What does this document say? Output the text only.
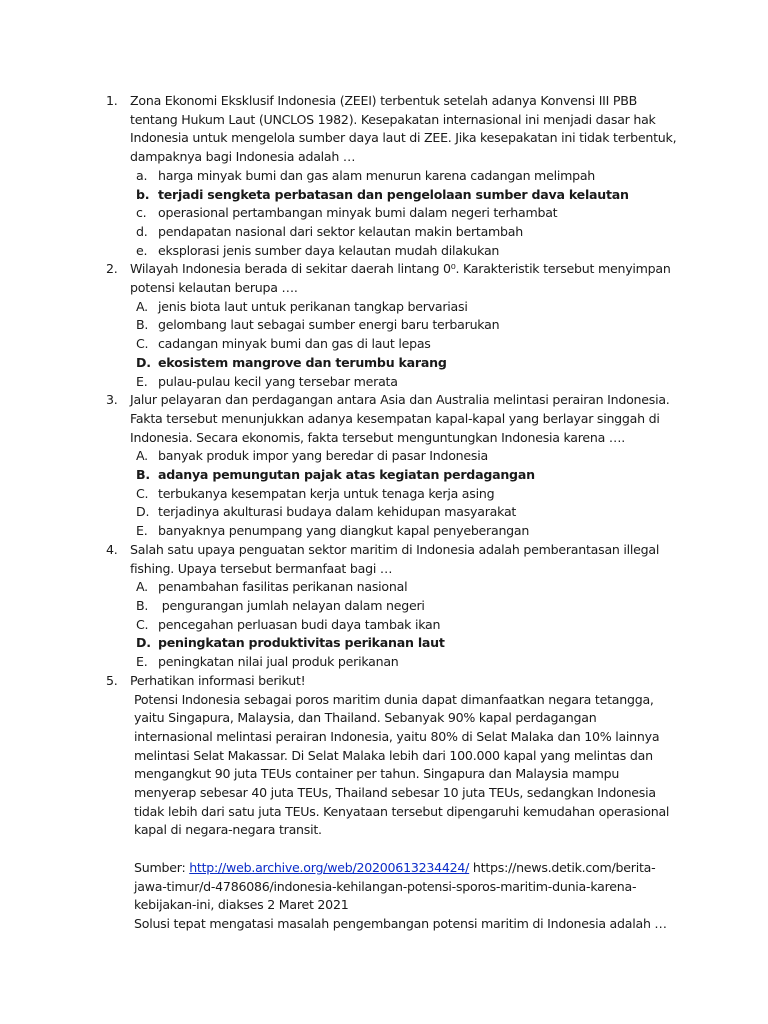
1. Zona Ekonomi Eksklusif Indonesia (ZEEI) terbentuk setelah adanya Konvensi III PBB tentang Hukum Laut (UNCLOS 1982). Kesepakatan internasional ini menjadi dasar hak Indonesia untuk mengelola sumber daya laut di ZEE. Jika kesepakatan ini tidak terbentuk, dampaknya bagi Indonesia adalah …
a. harga minyak bumi dan gas alam menurun karena cadangan melimpah
b. terjadi sengketa perbatasan dan pengelolaan sumber dava kelautan
c. operasional pertambangan minyak bumi dalam negeri terhambat
d. pendapatan nasional dari sektor kelautan makin bertambah
e. eksplorasi jenis sumber daya kelautan mudah dilakukan
2. Wilayah Indonesia berada di sekitar daerah lintang 0⁰. Karakteristik tersebut menyimpan potensi kelautan berupa ….
A. jenis biota laut untuk perikanan tangkap bervariasi
B. gelombang laut sebagai sumber energi baru terbarukan
C. cadangan minyak bumi dan gas di laut lepas
D. ekosistem mangrove dan terumbu karang
E. pulau-pulau kecil yang tersebar merata
3. Jalur pelayaran dan perdagangan antara Asia dan Australia melintasi perairan Indonesia. Fakta tersebut menunjukkan adanya kesempatan kapal-kapal yang berlayar singgah di Indonesia. Secara ekonomis, fakta tersebut menguntungkan Indonesia karena ….
A. banyak produk impor yang beredar di pasar Indonesia
B. adanya pemungutan pajak atas kegiatan perdagangan
C. terbukanya kesempatan kerja untuk tenaga kerja asing
D. terjadinya akulturasi budaya dalam kehidupan masyarakat
E. banyaknya penumpang yang diangkut kapal penyeberangan
4. Salah satu upaya penguatan sektor maritim di Indonesia adalah pemberantasan illegal fishing. Upaya tersebut bermanfaat bagi …
A. penambahan fasilitas perikanan nasional
B. pengurangan jumlah nelayan dalam negeri
C. pencegahan perluasan budi daya tambak ikan
D. peningkatan produktivitas perikanan laut
E. peningkatan nilai jual produk perikanan
5. Perhatikan informasi berikut!

Potensi Indonesia sebagai poros maritim dunia dapat dimanfaatkan negara tetangga, yaitu Singapura, Malaysia, dan Thailand. Sebanyak 90% kapal perdagangan internasional melintasi perairan Indonesia, yaitu 80% di Selat Malaka dan 10% lainnya melintasi Selat Makassar. Di Selat Malaka lebih dari 100.000 kapal yang melintas dan mengangkut 90 juta TEUs container per tahun. Singapura dan Malaysia mampu menyerap sebesar 40 juta TEUs, Thailand sebesar 10 juta TEUs, sedangkan Indonesia tidak lebih dari satu juta TEUs. Kenyataan tersebut dipengaruhi kemudahan operasional kapal di negara-negara transit.

Sumber: http://web.archive.org/web/20200613234424/ https://news.detik.com/berita-jawa-timur/d-4786086/indonesia-kehilangan-potensi-sporos-maritim-dunia-karena-kebijakan-ini, diakses 2 Maret 2021

Solusi tepat mengatasi masalah pengembangan potensi maritim di Indonesia adalah …
